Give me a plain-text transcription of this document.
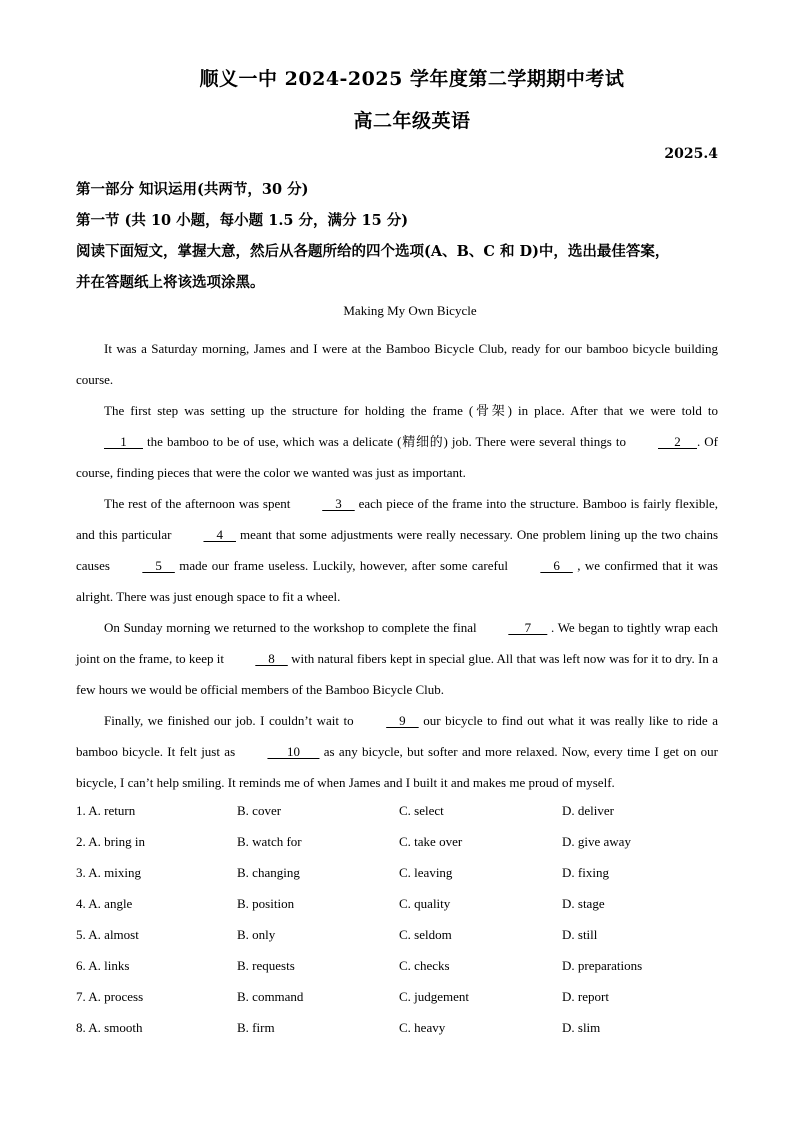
顺义一中 2024-2025 学年度第二学期期中考试
高二年级英语
2025.4
第一部分 知识运用(共两节，30 分)
第一节 (共 10 小题，每小题 1.5 分，满分 15 分)
阅读下面短文，掌握大意，然后从各题所给的四个选项(A、B、C 和 D)中，选出最佳答案，
并在答题纸上将该选项涂黑。
Making My Own Bicycle

It was a Saturday morning, James and I were at the Bamboo Bicycle Club, ready for our bamboo bicycle building course.

The first step was setting up the structure for holding the frame (骨架) in place. After that we were told to      1      the bamboo to be of use, which was a delicate (精细的) job. There were several things to      2     . Of course, finding pieces that were the color we wanted was just as important.

The rest of the afternoon was spent     3     each piece of the frame into the structure. Bamboo is fairly flexible, and this particular     4     meant that some adjustments were really necessary. One problem lining up the two chains causes     5     made our frame useless. Luckily, however, after some careful     6     , we confirmed that it was alright. There was just enough space to fit a wheel.

On Sunday morning we returned to the workshop to complete the final      7      . We began to tightly wrap each joint on the frame, to keep it     8     with natural fibers kept in special glue. All that was left now was for it to dry. In a few hours we would be official members of the Bamboo Bicycle Club.

Finally, we finished our job. I couldn’t wait to     9     our bicycle to find out what it was really like to ride a bamboo bicycle. It felt just as       10       as any bicycle, but softer and more relaxed. Now, every time I get on our bicycle, I can’t help smiling. It reminds me of when James and I built it and makes me proud of myself.

1. A. return	B. cover	C. select	D. deliver
2. A. bring in	B. watch for	C. take over	D. give away
3. A. mixing	B. changing	C. leaving	D. fixing
4. A. angle	B. position	C. quality	D. stage
5. A. almost	B. only	C. seldom	D. still
6. A. links	B. requests	C. checks	D. preparations
7. A. process	B. command	C. judgement	D. report
8. A. smooth	B. firm	C. heavy	D. slim
